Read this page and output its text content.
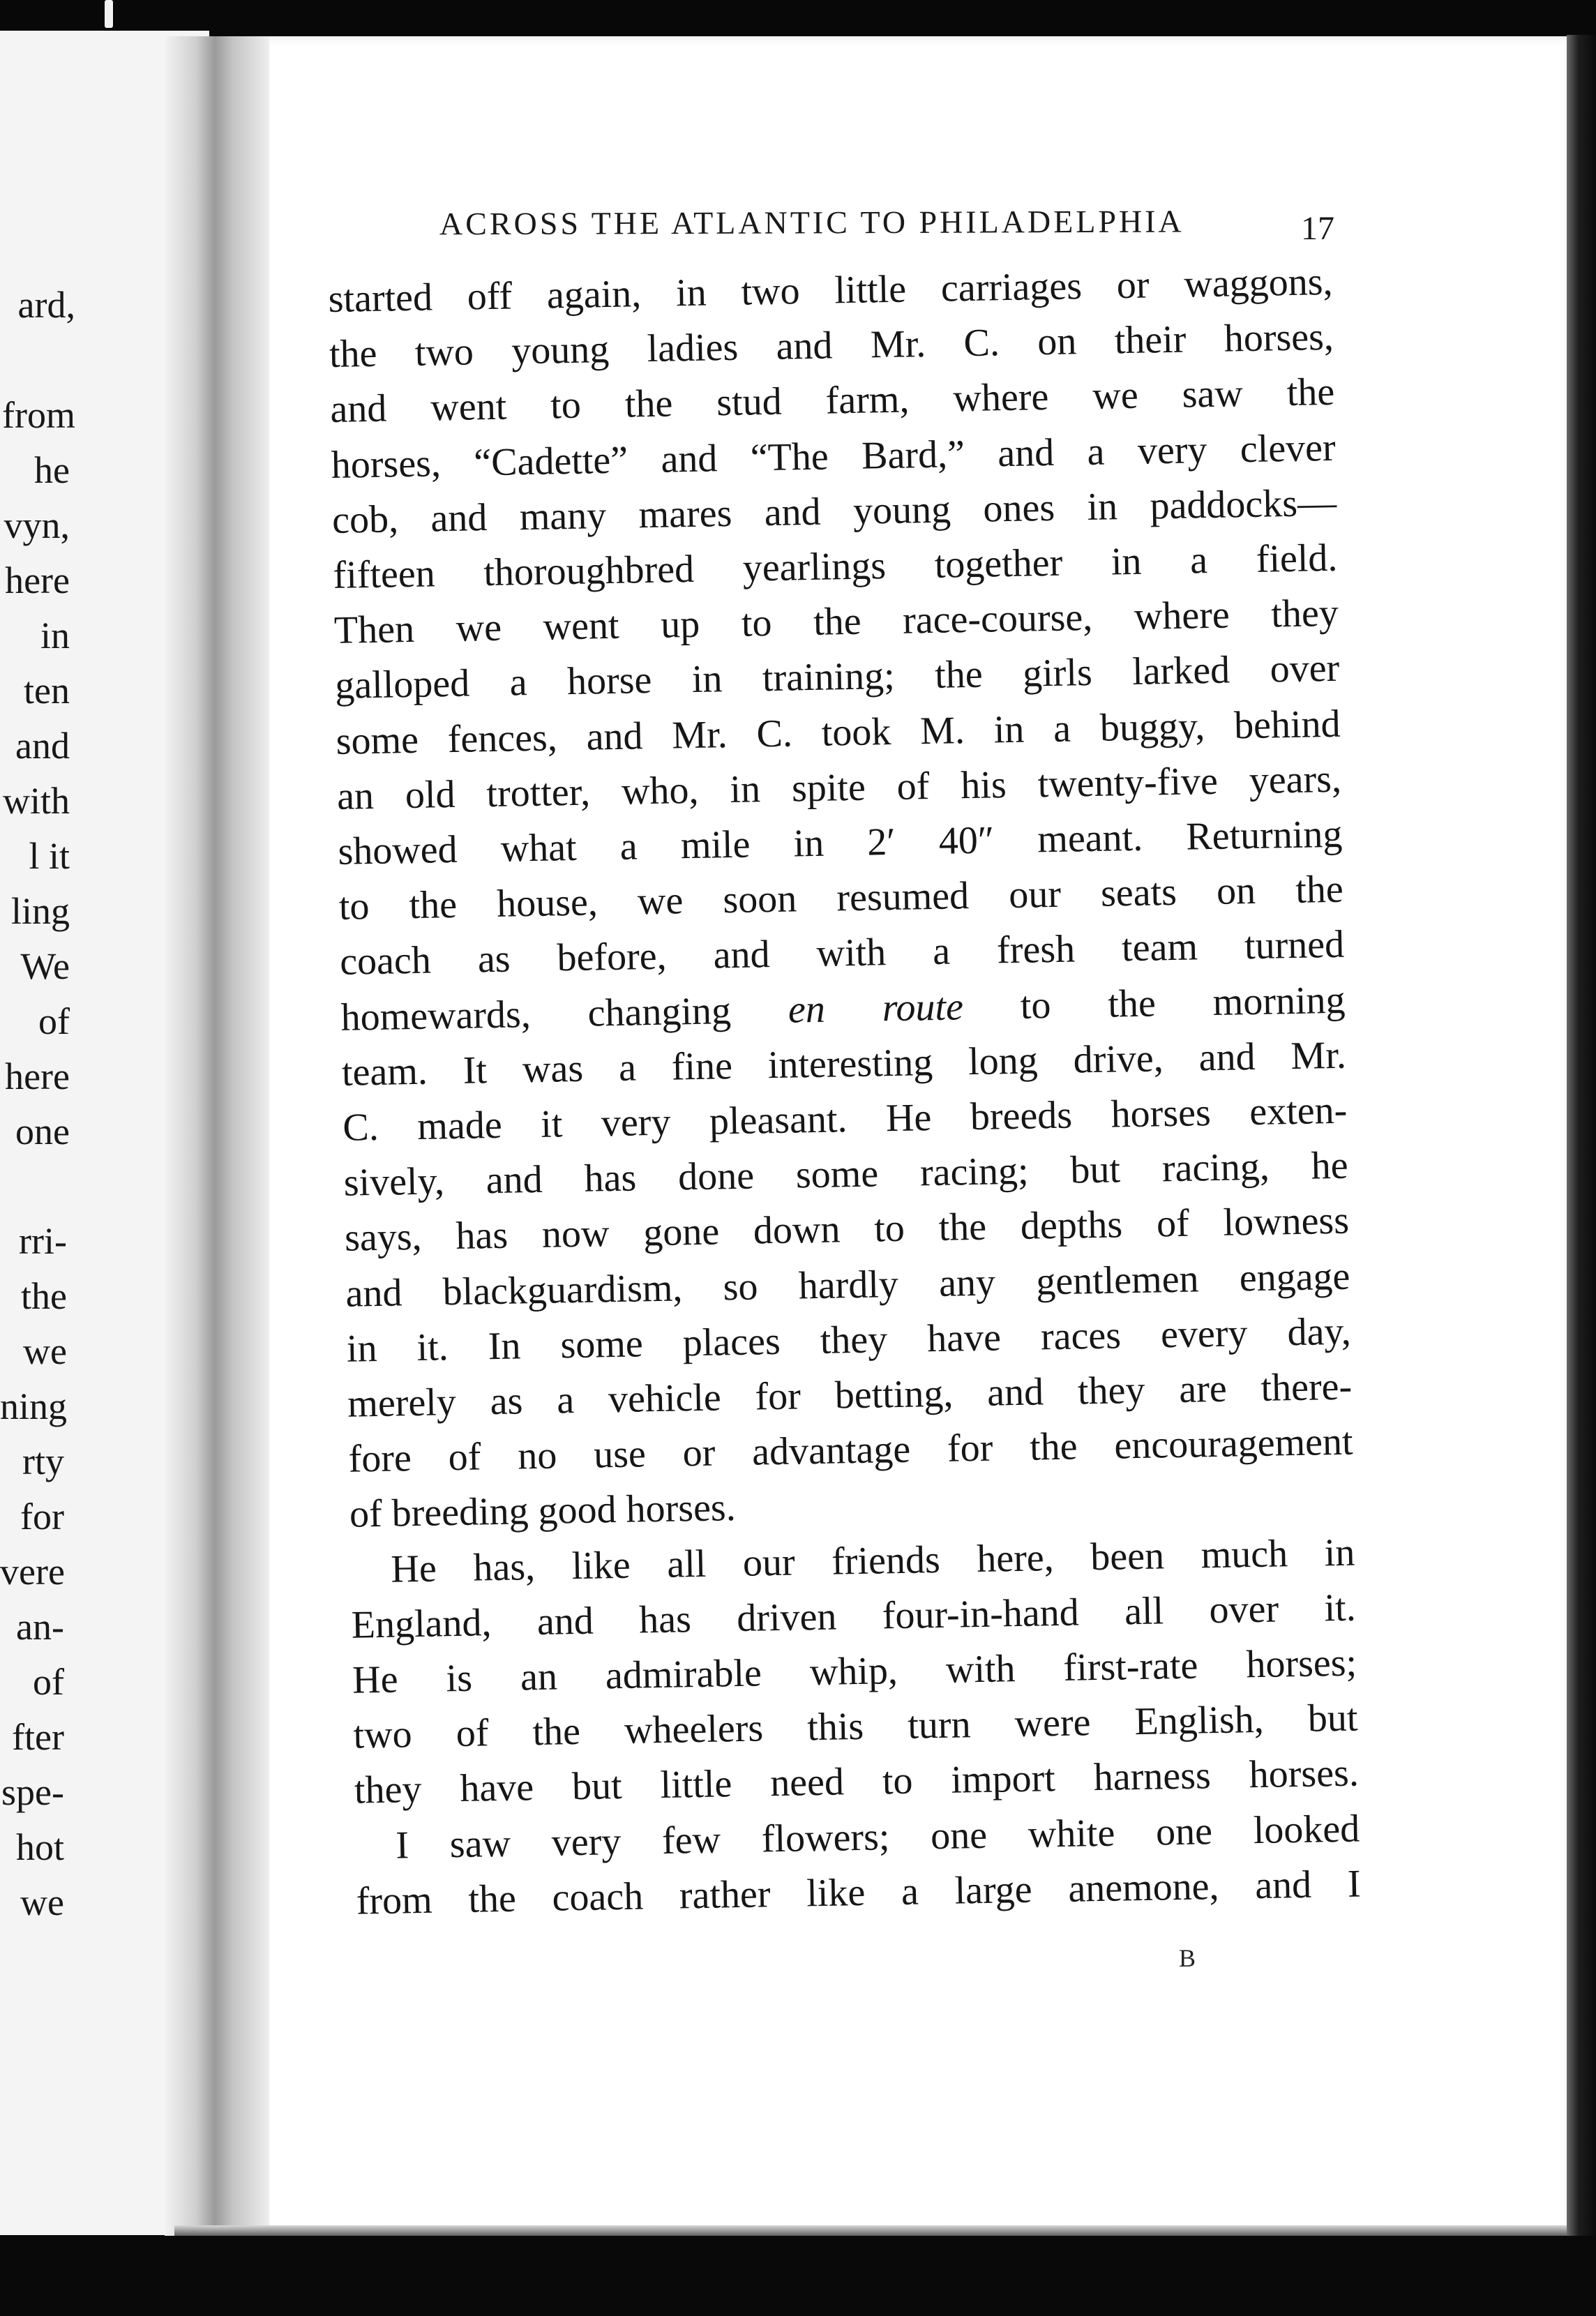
ard,
from
he
vyn,
here
in
ten
and
with
l it
ling
We
of
here
one
rri-
the
we
ning
rty
for
vere
an-
of
fter
spe-
hot
we
ACROSS THE ATLANTIC TO PHILADELPHIA	17
started off again, in two little carriages or waggons,
the two young ladies and Mr. C. on their horses,
and went to the stud farm, where we saw the
horses, “Cadette” and “The Bard,” and a very clever
cob, and many mares and young ones in paddocks—
fifteen thoroughbred yearlings together in a field.
Then we went up to the race-course, where they
galloped a horse in training; the girls larked over
some fences, and Mr. C. took M. in a buggy, behind
an old trotter, who, in spite of his twenty-five years,
showed what a mile in 2′ 40″ meant. Returning
to the house, we soon resumed our seats on the
coach as before, and with a fresh team turned
homewards, changing en route to the morning
team. It was a fine interesting long drive, and Mr.
C. made it very pleasant. He breeds horses exten-
sively, and has done some racing; but racing, he
says, has now gone down to the depths of lowness
and blackguardism, so hardly any gentlemen engage
in it. In some places they have races every day,
merely as a vehicle for betting, and they are there-
fore of no use or advantage for the encouragement
of breeding good horses.
He has, like all our friends here, been much in
England, and has driven four-in-hand all over it.
He is an admirable whip, with first-rate horses;
two of the wheelers this turn were English, but
they have but little need to import harness horses.
I saw very few flowers; one white one looked
from the coach rather like a large anemone, and I
B
